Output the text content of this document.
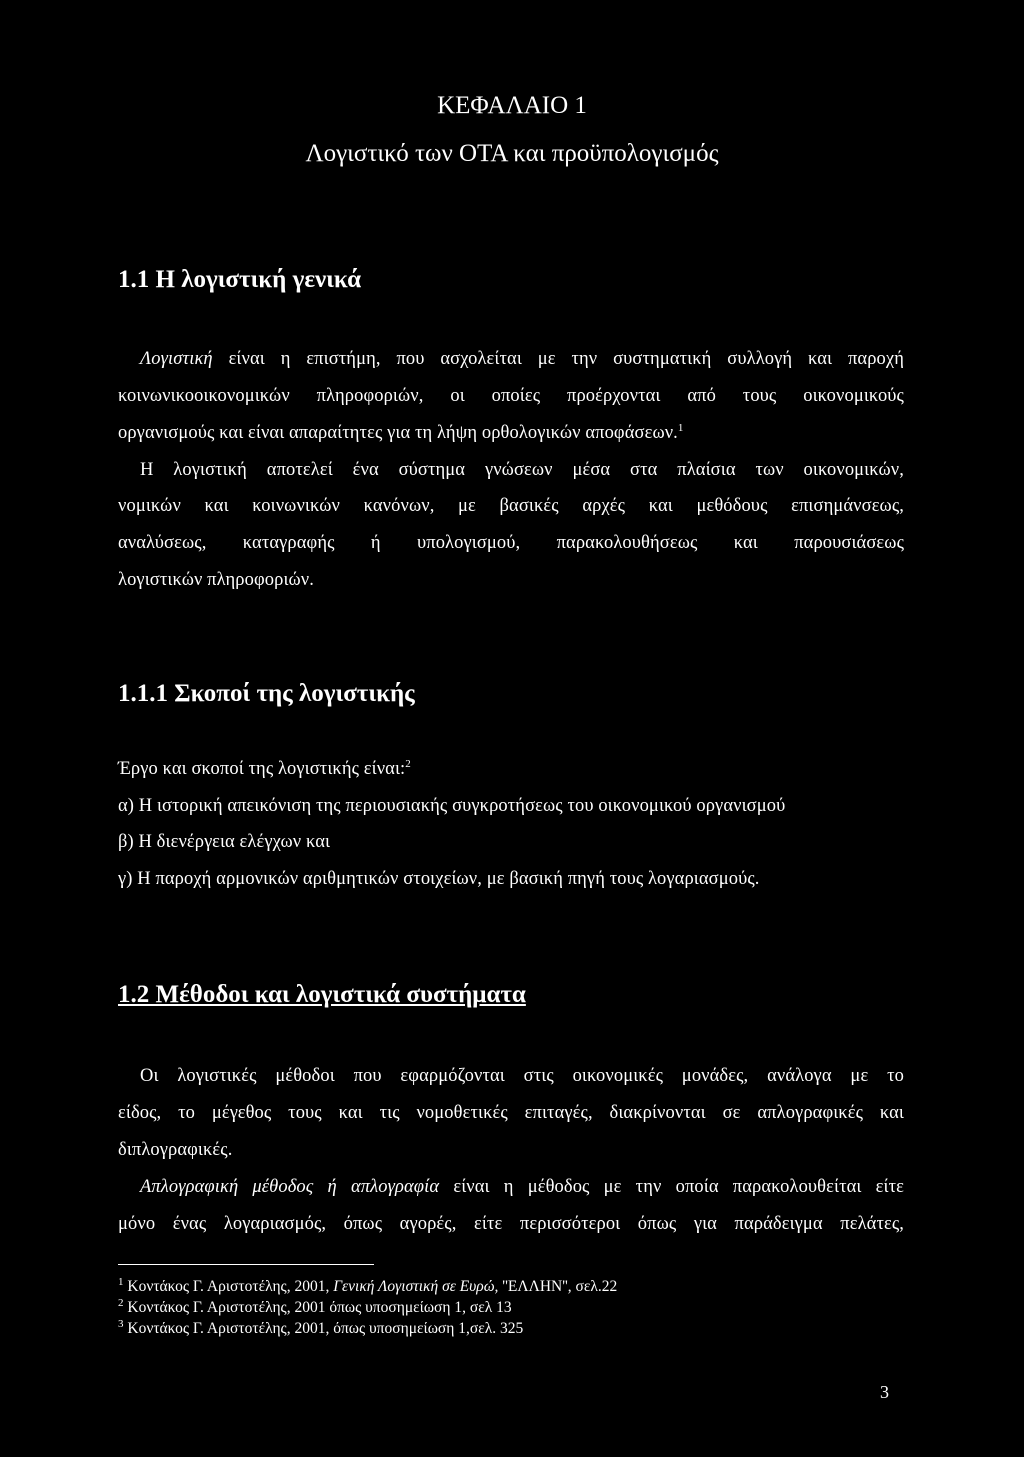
ΚΕΦΑΛΑΙΟ 1
Λογιστικό των ΟΤΑ και προϋπολογισμός
1.1 Η λογιστική γενικά
Λογιστική είναι η επιστήμη, που ασχολείται με την συστηματική συλλογή και παροχή
κοινωνικοοικονομικών πληροφοριών, οι οποίες προέρχονται από τους οικονομικούς
οργανισμούς και είναι απαραίτητες για τη λήψη ορθολογικών αποφάσεων.$^1$
Η λογιστική αποτελεί ένα σύστημα γνώσεων μέσα στα πλαίσια των οικονομικών,
νομικών και κοινωνικών κανόνων, με βασικές αρχές και μεθόδους επισημάνσεως,
αναλύσεως, καταγραφής ή υπολογισμού, παρακολουθήσεως και παρουσιάσεως
λογιστικών πληροφοριών.
1.1.1 Σκοποί της λογιστικής
Έργο και σκοποί της λογιστικής είναι:$^2$
α) Η ιστορική απεικόνιση της περιουσιακής συγκροτήσεως του οικονομικού οργανισμού
β) Η διενέργεια ελέγχων και
γ) Η παροχή αρμονικών αριθμητικών στοιχείων, με βασική πηγή τους λογαριασμούς.
1.2 Μέθοδοι και λογιστικά συστήματα
Οι λογιστικές μέθοδοι που εφαρμόζονται στις οικονομικές μονάδες, ανάλογα με το
είδος, το μέγεθος τους και τις νομοθετικές επιταγές, διακρίνονται σε απλογραφικές και
διπλογραφικές.
Απλογραφική μέθοδος ή απλογραφία είναι η μέθοδος με την οποία παρακολουθείται είτε
μόνο ένας λογαριασμός, όπως αγορές, είτε περισσότεροι όπως για παράδειγμα πελάτες,
$^1$ Κοντάκος Γ. Αριστοτέλης, 2001, Γενική Λογιστική σε Ευρώ, ''ΕΛΛΗΝ'', σελ.22
$^2$ Κοντάκος Γ. Αριστοτέλης, 2001 όπως υποσημείωση 1, σελ 13
$^3$ Κοντάκος Γ. Αριστοτέλης, 2001, όπως υποσημείωση 1,σελ. 325
3
